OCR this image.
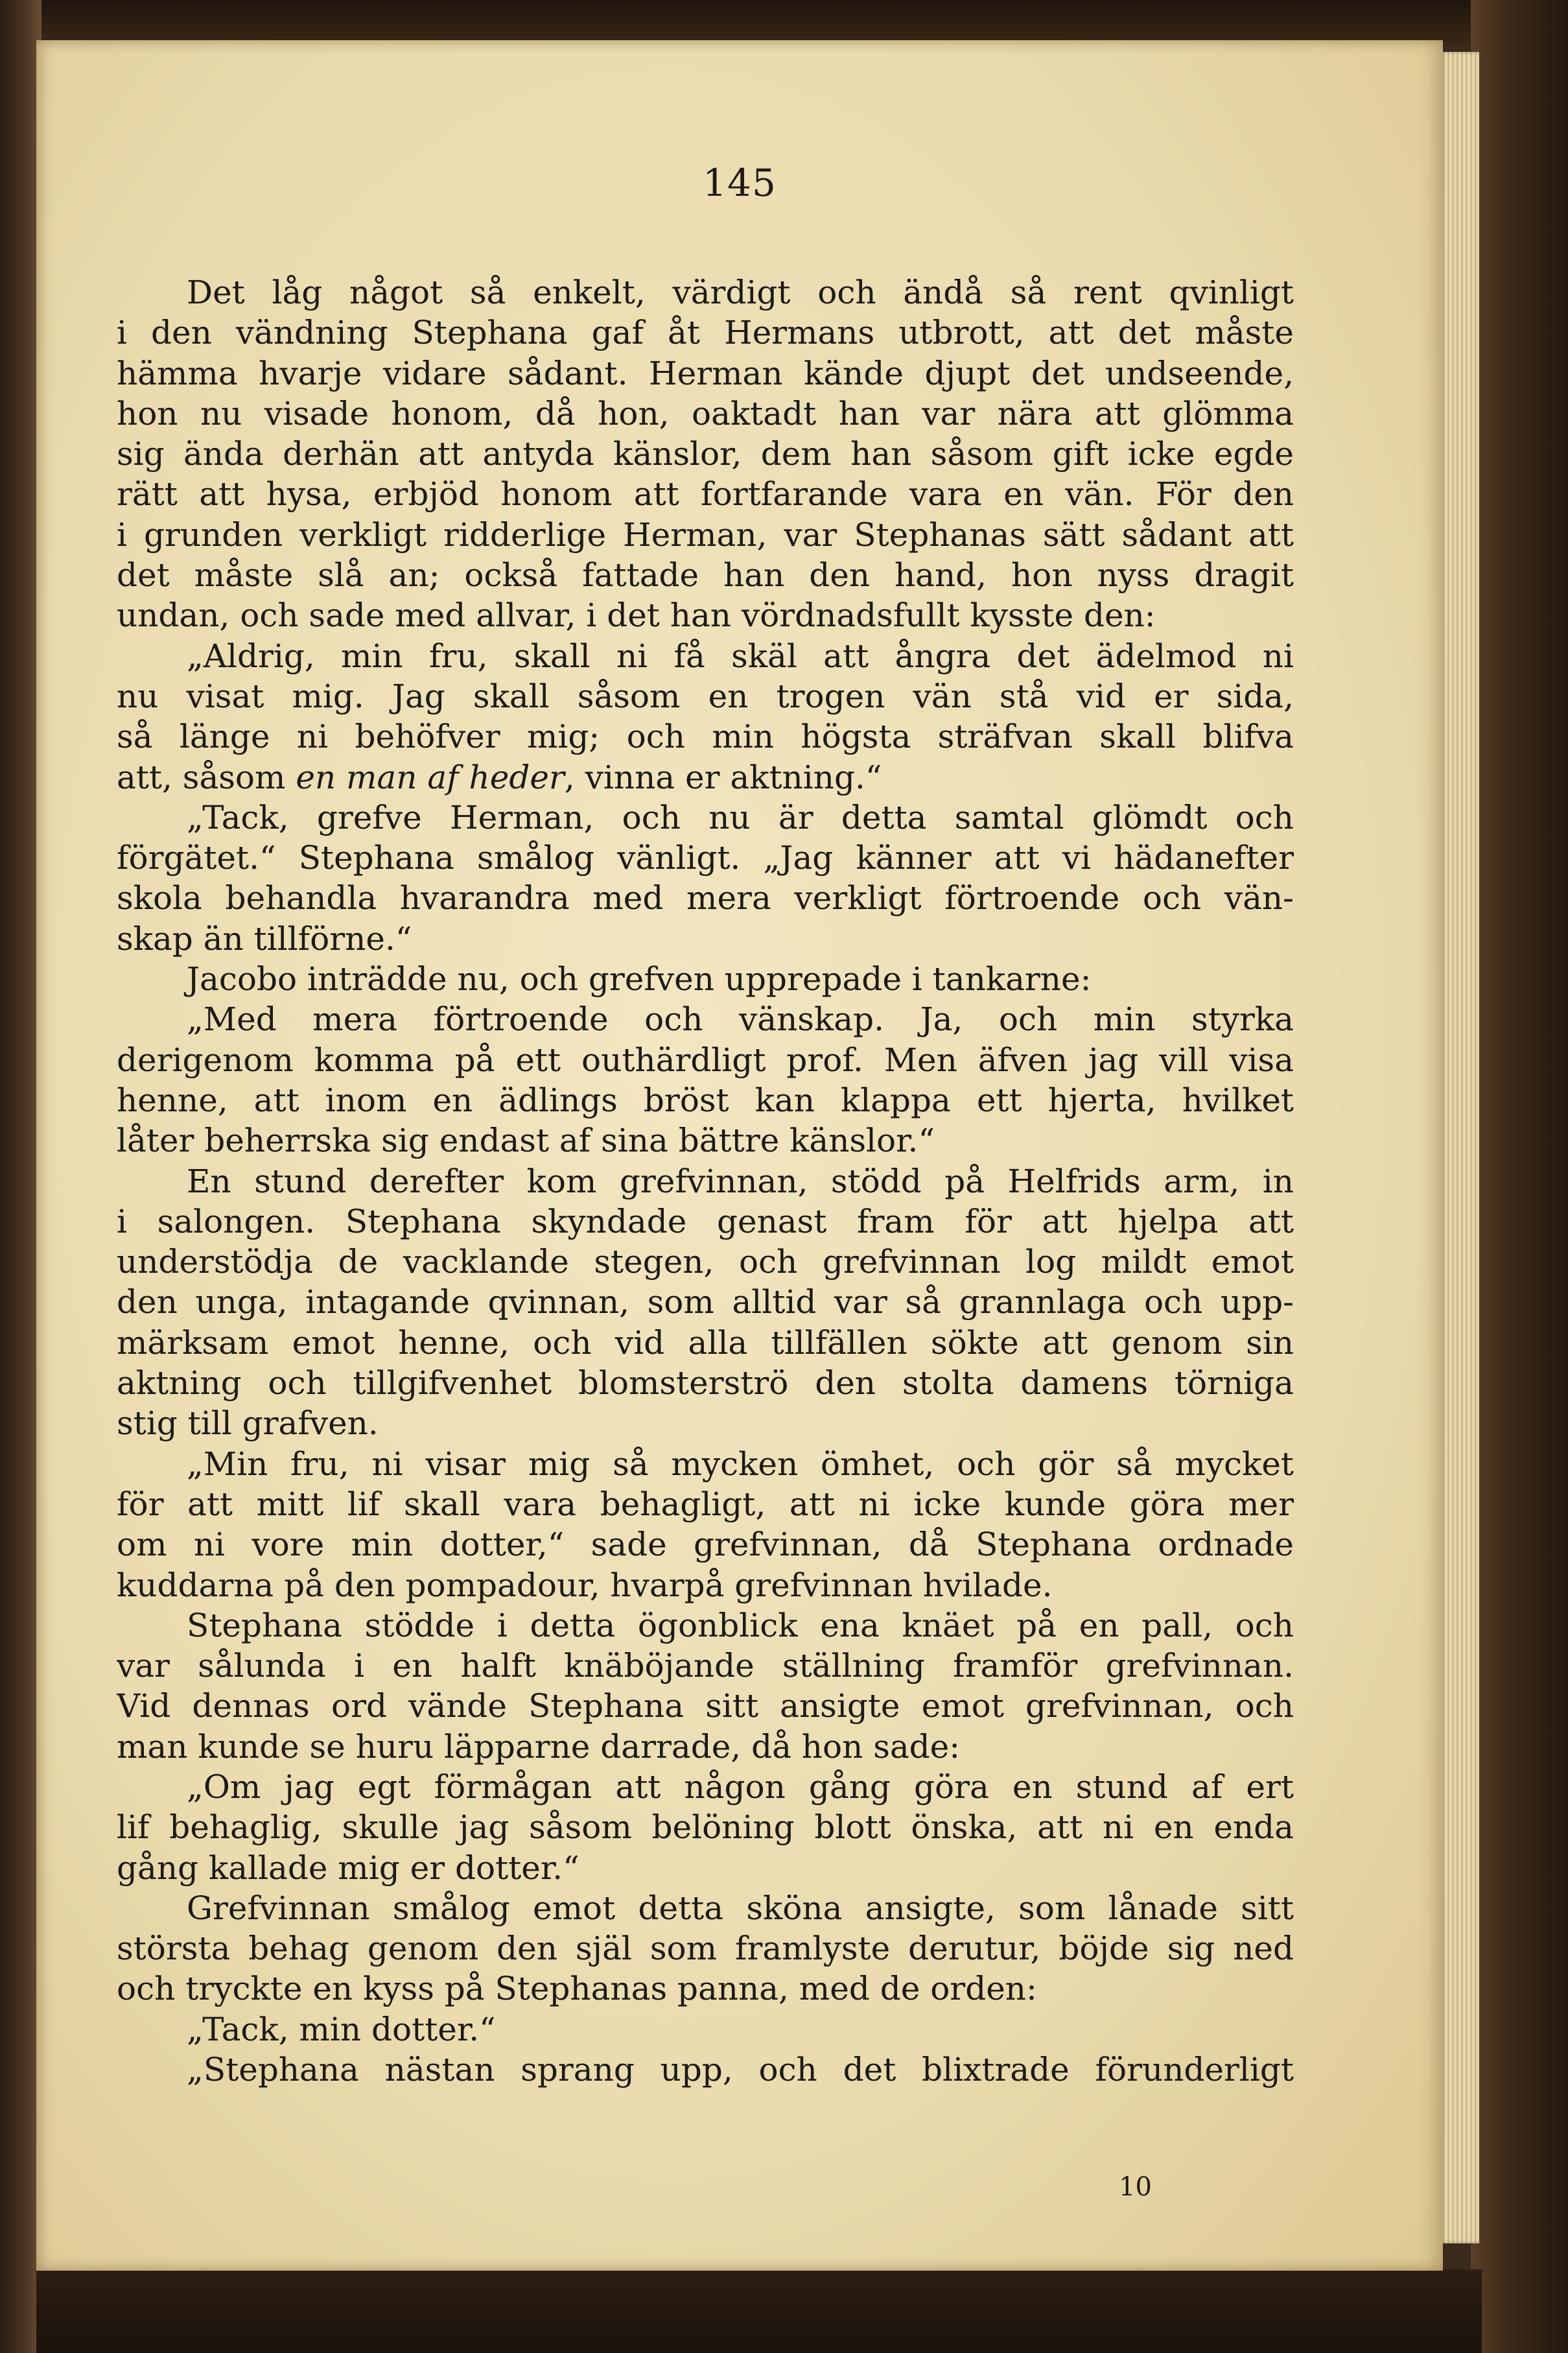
145
Det låg något så enkelt, värdigt och ändå så rent qvinligt
i den vändning Stephana gaf åt Hermans utbrott, att det måste
hämma hvarje vidare sådant. Herman kände djupt det undseende,
hon nu visade honom, då hon, oaktadt han var nära att glömma
sig ända derhän att antyda känslor, dem han såsom gift icke egde
rätt att hysa, erbjöd honom att fortfarande vara en vän. För den
i grunden verkligt ridderlige Herman, var Stephanas sätt sådant att
det måste slå an; också fattade han den hand, hon nyss dragit
undan, och sade med allvar, i det han vördnadsfullt kysste den:
„Aldrig, min fru, skall ni få skäl att ångra det ädelmod ni
nu visat mig. Jag skall såsom en trogen vän stå vid er sida,
så länge ni behöfver mig; och min högsta sträfvan skall blifva
att, såsom en man af heder, vinna er aktning.“
„Tack, grefve Herman, och nu är detta samtal glömdt och
förgätet.“ Stephana smålog vänligt. „Jag känner att vi hädanefter
skola behandla hvarandra med mera verkligt förtroende och vän-
skap än tillförne.“
Jacobo inträdde nu, och grefven upprepade i tankarne:
„Med mera förtroende och vänskap. Ja, och min styrka
derigenom komma på ett outhärdligt prof. Men äfven jag vill visa
henne, att inom en ädlings bröst kan klappa ett hjerta, hvilket
låter beherrska sig endast af sina bättre känslor.“
En stund derefter kom grefvinnan, stödd på Helfrids arm, in
i salongen. Stephana skyndade genast fram för att hjelpa att
understödja de vacklande stegen, och grefvinnan log mildt emot
den unga, intagande qvinnan, som alltid var så grannlaga och upp-
märksam emot henne, och vid alla tillfällen sökte att genom sin
aktning och tillgifvenhet blomsterströ den stolta damens törniga
stig till grafven.
„Min fru, ni visar mig så mycken ömhet, och gör så mycket
för att mitt lif skall vara behagligt, att ni icke kunde göra mer
om ni vore min dotter,“ sade grefvinnan, då Stephana ordnade
kuddarna på den pompadour, hvarpå grefvinnan hvilade.
Stephana stödde i detta ögonblick ena knäet på en pall, och
var sålunda i en halft knäböjande ställning framför grefvinnan.
Vid dennas ord vände Stephana sitt ansigte emot grefvinnan, och
man kunde se huru läpparne darrade, då hon sade:
„Om jag egt förmågan att någon gång göra en stund af ert
lif behaglig, skulle jag såsom belöning blott önska, att ni en enda
gång kallade mig er dotter.“
Grefvinnan smålog emot detta sköna ansigte, som lånade sitt
största behag genom den själ som framlyste derutur, böjde sig ned
och tryckte en kyss på Stephanas panna, med de orden:
„Tack, min dotter.“
„Stephana nästan sprang upp, och det blixtrade förunderligt
10
